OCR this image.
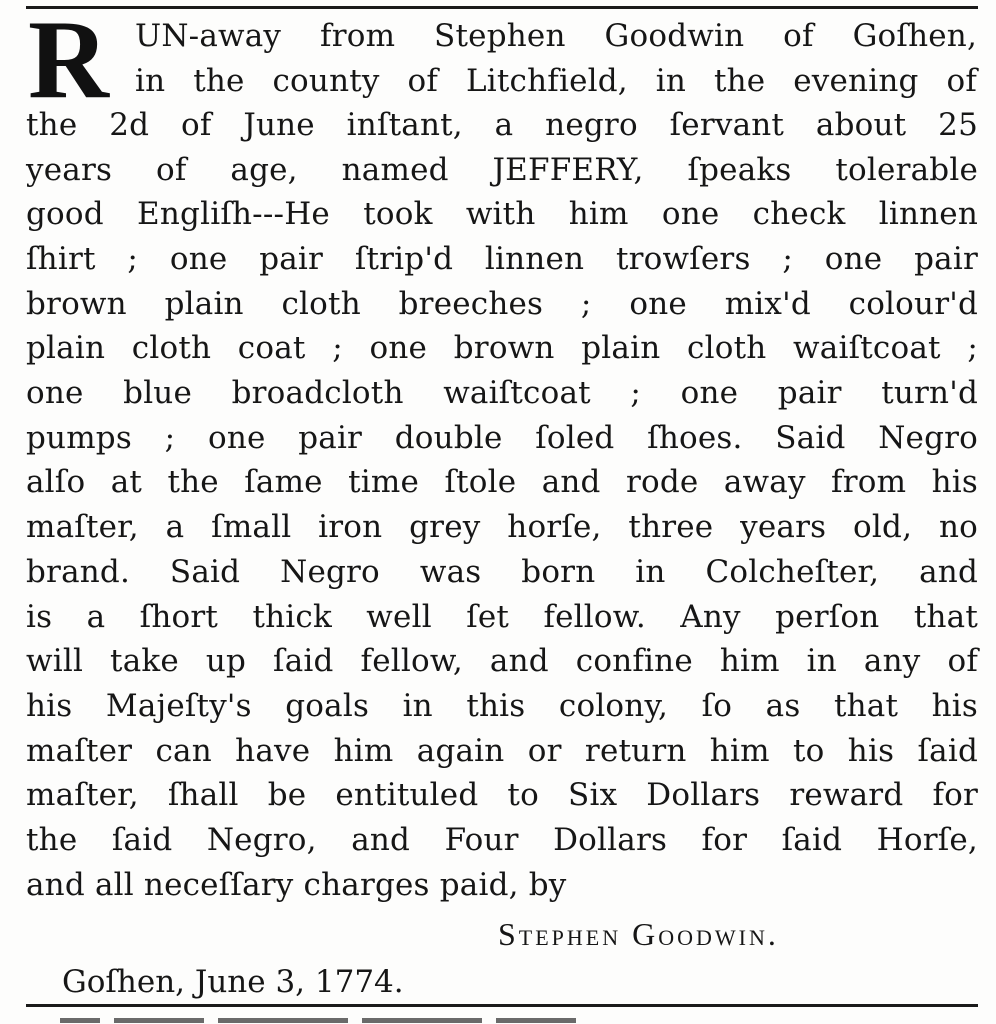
R UN-away from Stephen Goodwin of Goſhen,
in the county of Litchfield, in the evening of
the 2d of June inſtant, a negro ſervant about 25
years of age, named JEFFERY, ſpeaks tolerable
good Engliſh---He took with him one check linnen
ſhirt ; one pair ſtrip'd linnen trowſers ; one pair
brown plain cloth breeches ; one mix'd colour'd
plain cloth coat ; one brown plain cloth waiſtcoat ;
one blue broadcloth waiſtcoat ; one pair turn'd
pumps ; one pair double ſoled ſhoes. Said Negro
alſo at the ſame time ſtole and rode away from his
maſter, a ſmall iron grey horſe, three years old, no
brand. Said Negro was born in Colcheſter, and
is a ſhort thick well ſet fellow. Any perſon that
will take up ſaid fellow, and confine him in any of
his Majeſty's goals in this colony, ſo as that his
maſter can have him again or return him to his ſaid
maſter, ſhall be entituled to Six Dollars reward for
the ſaid Negro, and Four Dollars for ſaid Horſe,
and all neceſſary charges paid, by
Stephen Goodwin.
Goſhen, June 3, 1774.
